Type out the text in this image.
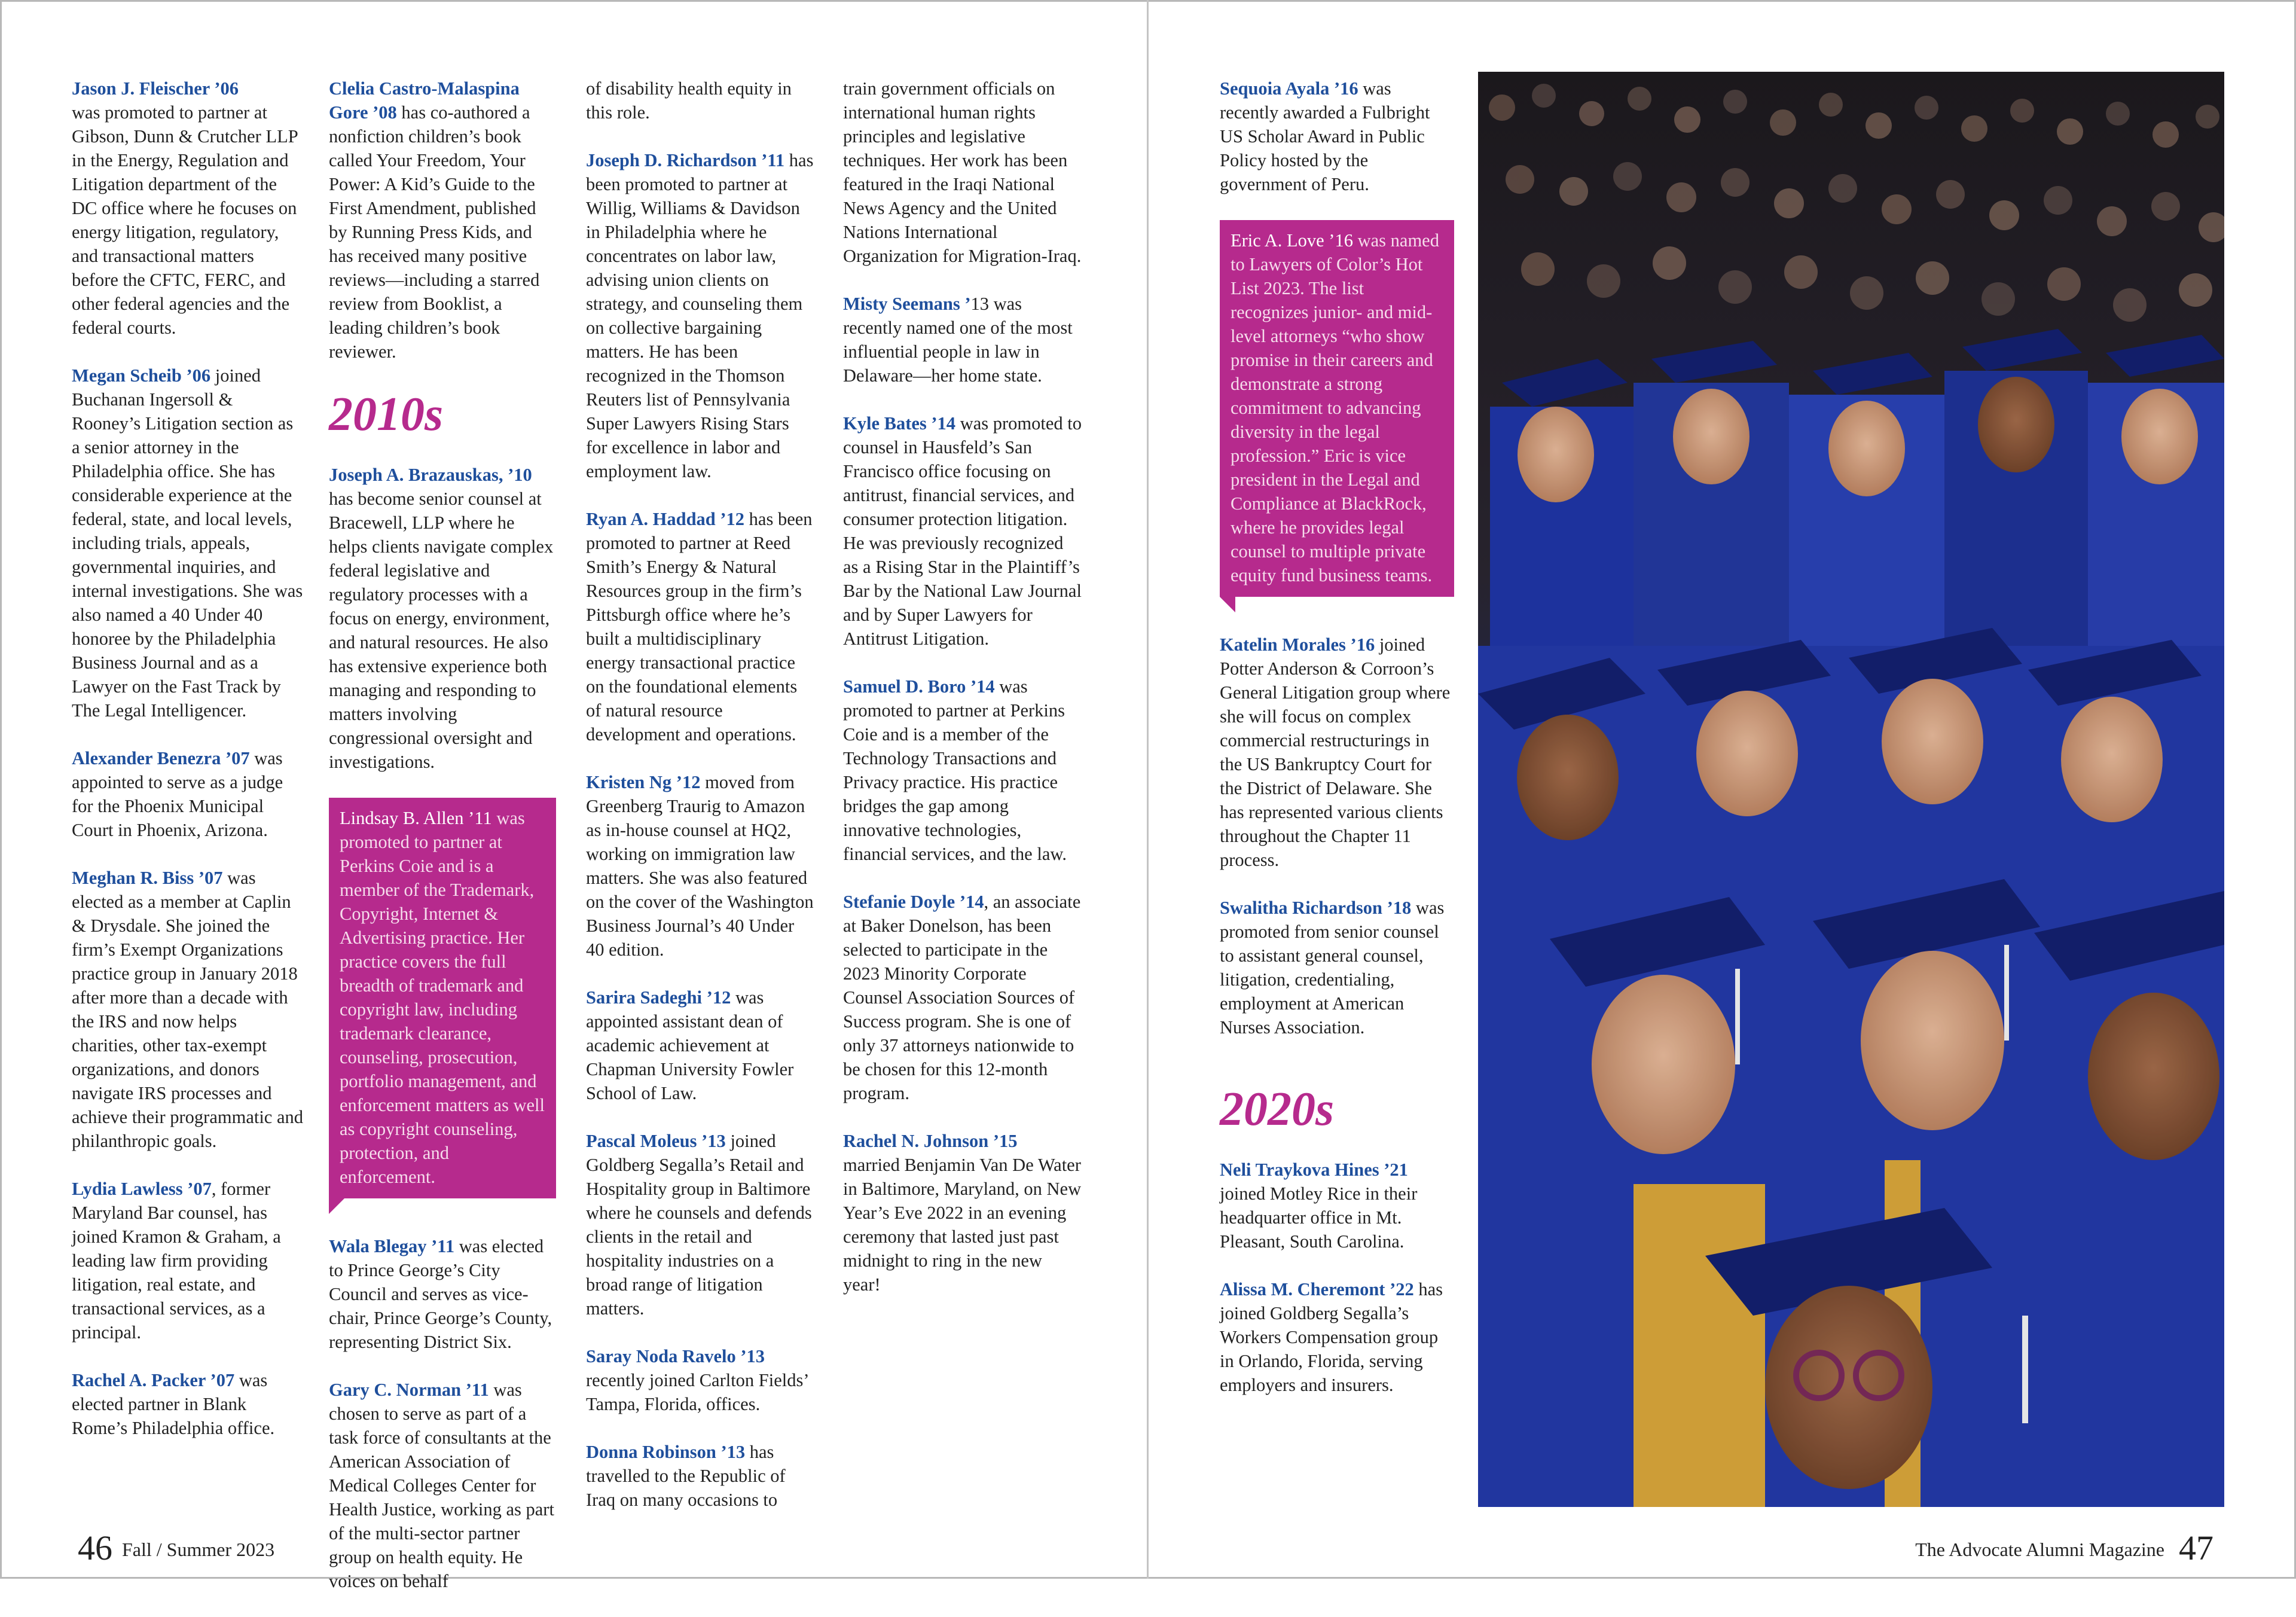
Jason J. Fleischer ’06
was promoted to partner at Gibson, Dunn & Crutcher LLP in the Energy, Regulation and Litigation department of the DC office where he focuses on energy litigation, regulatory, and transactional matters before the CFTC, FERC, and other federal agencies and the federal courts.
Megan Scheib ’06 joined Buchanan Ingersoll & Rooney’s Litigation section as a senior attorney in the Philadelphia office. She has considerable experience at the federal, state, and local levels, including trials, appeals, governmental inquiries, and internal investigations. She was also named a 40 Under 40 honoree by the Philadelphia Business Journal and as a Lawyer on the Fast Track by The Legal Intelligencer.
Alexander Benezra ’07 was appointed to serve as a judge for the Phoenix Municipal Court in Phoenix, Arizona.
Meghan R. Biss ’07 was elected as a member at Caplin & Drysdale. She joined the firm’s Exempt Organizations practice group in January 2018 after more than a decade with the IRS and now helps charities, other tax-exempt organizations, and donors navigate IRS processes and achieve their programmatic and philanthropic goals.
Lydia Lawless ’07, former Maryland Bar counsel, has joined Kramon & Graham, a leading law firm providing litigation, real estate, and transactional services, as a principal.
Rachel A. Packer ’07 was elected partner in Blank Rome’s Philadelphia office.
Clelia Castro-Malaspina Gore ’08 has co-authored a nonfiction children’s book called Your Freedom, Your Power: A Kid’s Guide to the First Amendment, published by Running Press Kids, and has received many positive reviews—including a starred review from Booklist, a leading children’s book reviewer.
2010s
Joseph A. Brazauskas, ’10 has become senior counsel at Bracewell, LLP where he helps clients navigate complex federal legislative and regulatory processes with a focus on energy, environment, and natural resources. He also has extensive experience both managing and responding to matters involving congressional oversight and investigations.
Lindsay B. Allen ’11 was promoted to partner at Perkins Coie and is a member of the Trademark, Copyright, Internet & Advertising practice. Her practice covers the full breadth of trademark and copyright law, including trademark clearance, counseling, prosecution, portfolio management, and enforcement matters as well as copyright counseling, protection, and enforcement.
Wala Blegay ’11 was elected to Prince George’s City Council and serves as vice-chair, Prince George’s County, representing District Six.
Gary C. Norman ’11 was chosen to serve as part of a task force of consultants at the American Association of Medical Colleges Center for Health Justice, working as part of the multi-sector partner group on health equity. He voices on behalf
of disability health equity in this role.
Joseph D. Richardson ’11 has been promoted to partner at Willig, Williams & Davidson in Philadelphia where he concentrates on labor law, advising union clients on strategy, and counseling them on collective bargaining matters. He has been recognized in the Thomson Reuters list of Pennsylvania Super Lawyers Rising Stars for excellence in labor and employment law.
Ryan A. Haddad ’12 has been promoted to partner at Reed Smith’s Energy & Natural Resources group in the firm’s Pittsburgh office where he’s built a multidisciplinary energy transactional practice on the foundational elements of natural resource development and operations.
Kristen Ng ’12 moved from Greenberg Traurig to Amazon as in-house counsel at HQ2, working on immigration law matters. She was also featured on the cover of the Washington Business Journal’s 40 Under 40 edition.
Sarira Sadeghi ’12 was appointed assistant dean of academic achievement at Chapman University Fowler School of Law.
Pascal Moleus ’13 joined Goldberg Segalla’s Retail and Hospitality group in Baltimore where he counsels and defends clients in the retail and hospitality industries on a broad range of litigation matters.
Saray Noda Ravelo ’13 recently joined Carlton Fields’ Tampa, Florida, offices.
Donna Robinson ’13 has travelled to the Republic of Iraq on many occasions to
train government officials on international human rights principles and legislative techniques. Her work has been featured in the Iraqi National News Agency and the United Nations International Organization for Migration-Iraq.
Misty Seemans ’13 was recently named one of the most influential people in law in Delaware—her home state.
Kyle Bates ’14 was promoted to counsel in Hausfeld’s San Francisco office focusing on antitrust, financial services, and consumer protection litigation. He was previously recognized as a Rising Star in the Plaintiff’s Bar by the National Law Journal and by Super Lawyers for Antitrust Litigation.
Samuel D. Boro ’14 was promoted to partner at Perkins Coie and is a member of the Technology Transactions and Privacy practice. His practice bridges the gap among innovative technologies, financial services, and the law.
Stefanie Doyle ’14, an associate at Baker Donelson, has been selected to participate in the 2023 Minority Corporate Counsel Association Sources of Success program. She is one of only 37 attorneys nationwide to be chosen for this 12-month program.
Rachel N. Johnson ’15
married Benjamin Van De Water in Baltimore, Maryland, on New Year’s Eve 2022 in an evening ceremony that lasted just past midnight to ring in the new year!
46 Fall / Summer 2023
Sequoia Ayala ’16 was recently awarded a Fulbright US Scholar Award in Public Policy hosted by the government of Peru.
Eric A. Love ’16 was named to Lawyers of Color’s Hot List 2023. The list recognizes junior- and mid-level attorneys “who show promise in their careers and demonstrate a strong commitment to advancing diversity in the legal profession.” Eric is vice president in the Legal and Compliance at BlackRock, where he provides legal counsel to multiple private equity fund business teams.
Katelin Morales ’16 joined Potter Anderson & Corroon’s General Litigation group where she will focus on complex commercial restructurings in the US Bankruptcy Court for the District of Delaware. She has represented various clients throughout the Chapter 11 process.
Swalitha Richardson ’18 was promoted from senior counsel to assistant general counsel, litigation, credentialing, employment at American Nurses Association.
2020s
Neli Traykova Hines ’21 joined Motley Rice in their headquarter office in Mt. Pleasant, South Carolina.
Alissa M. Cheremont ’22 has joined Goldberg Segalla’s Workers Compensation group in Orlando, Florida, serving employers and insurers.
The Advocate Alumni Magazine 47
